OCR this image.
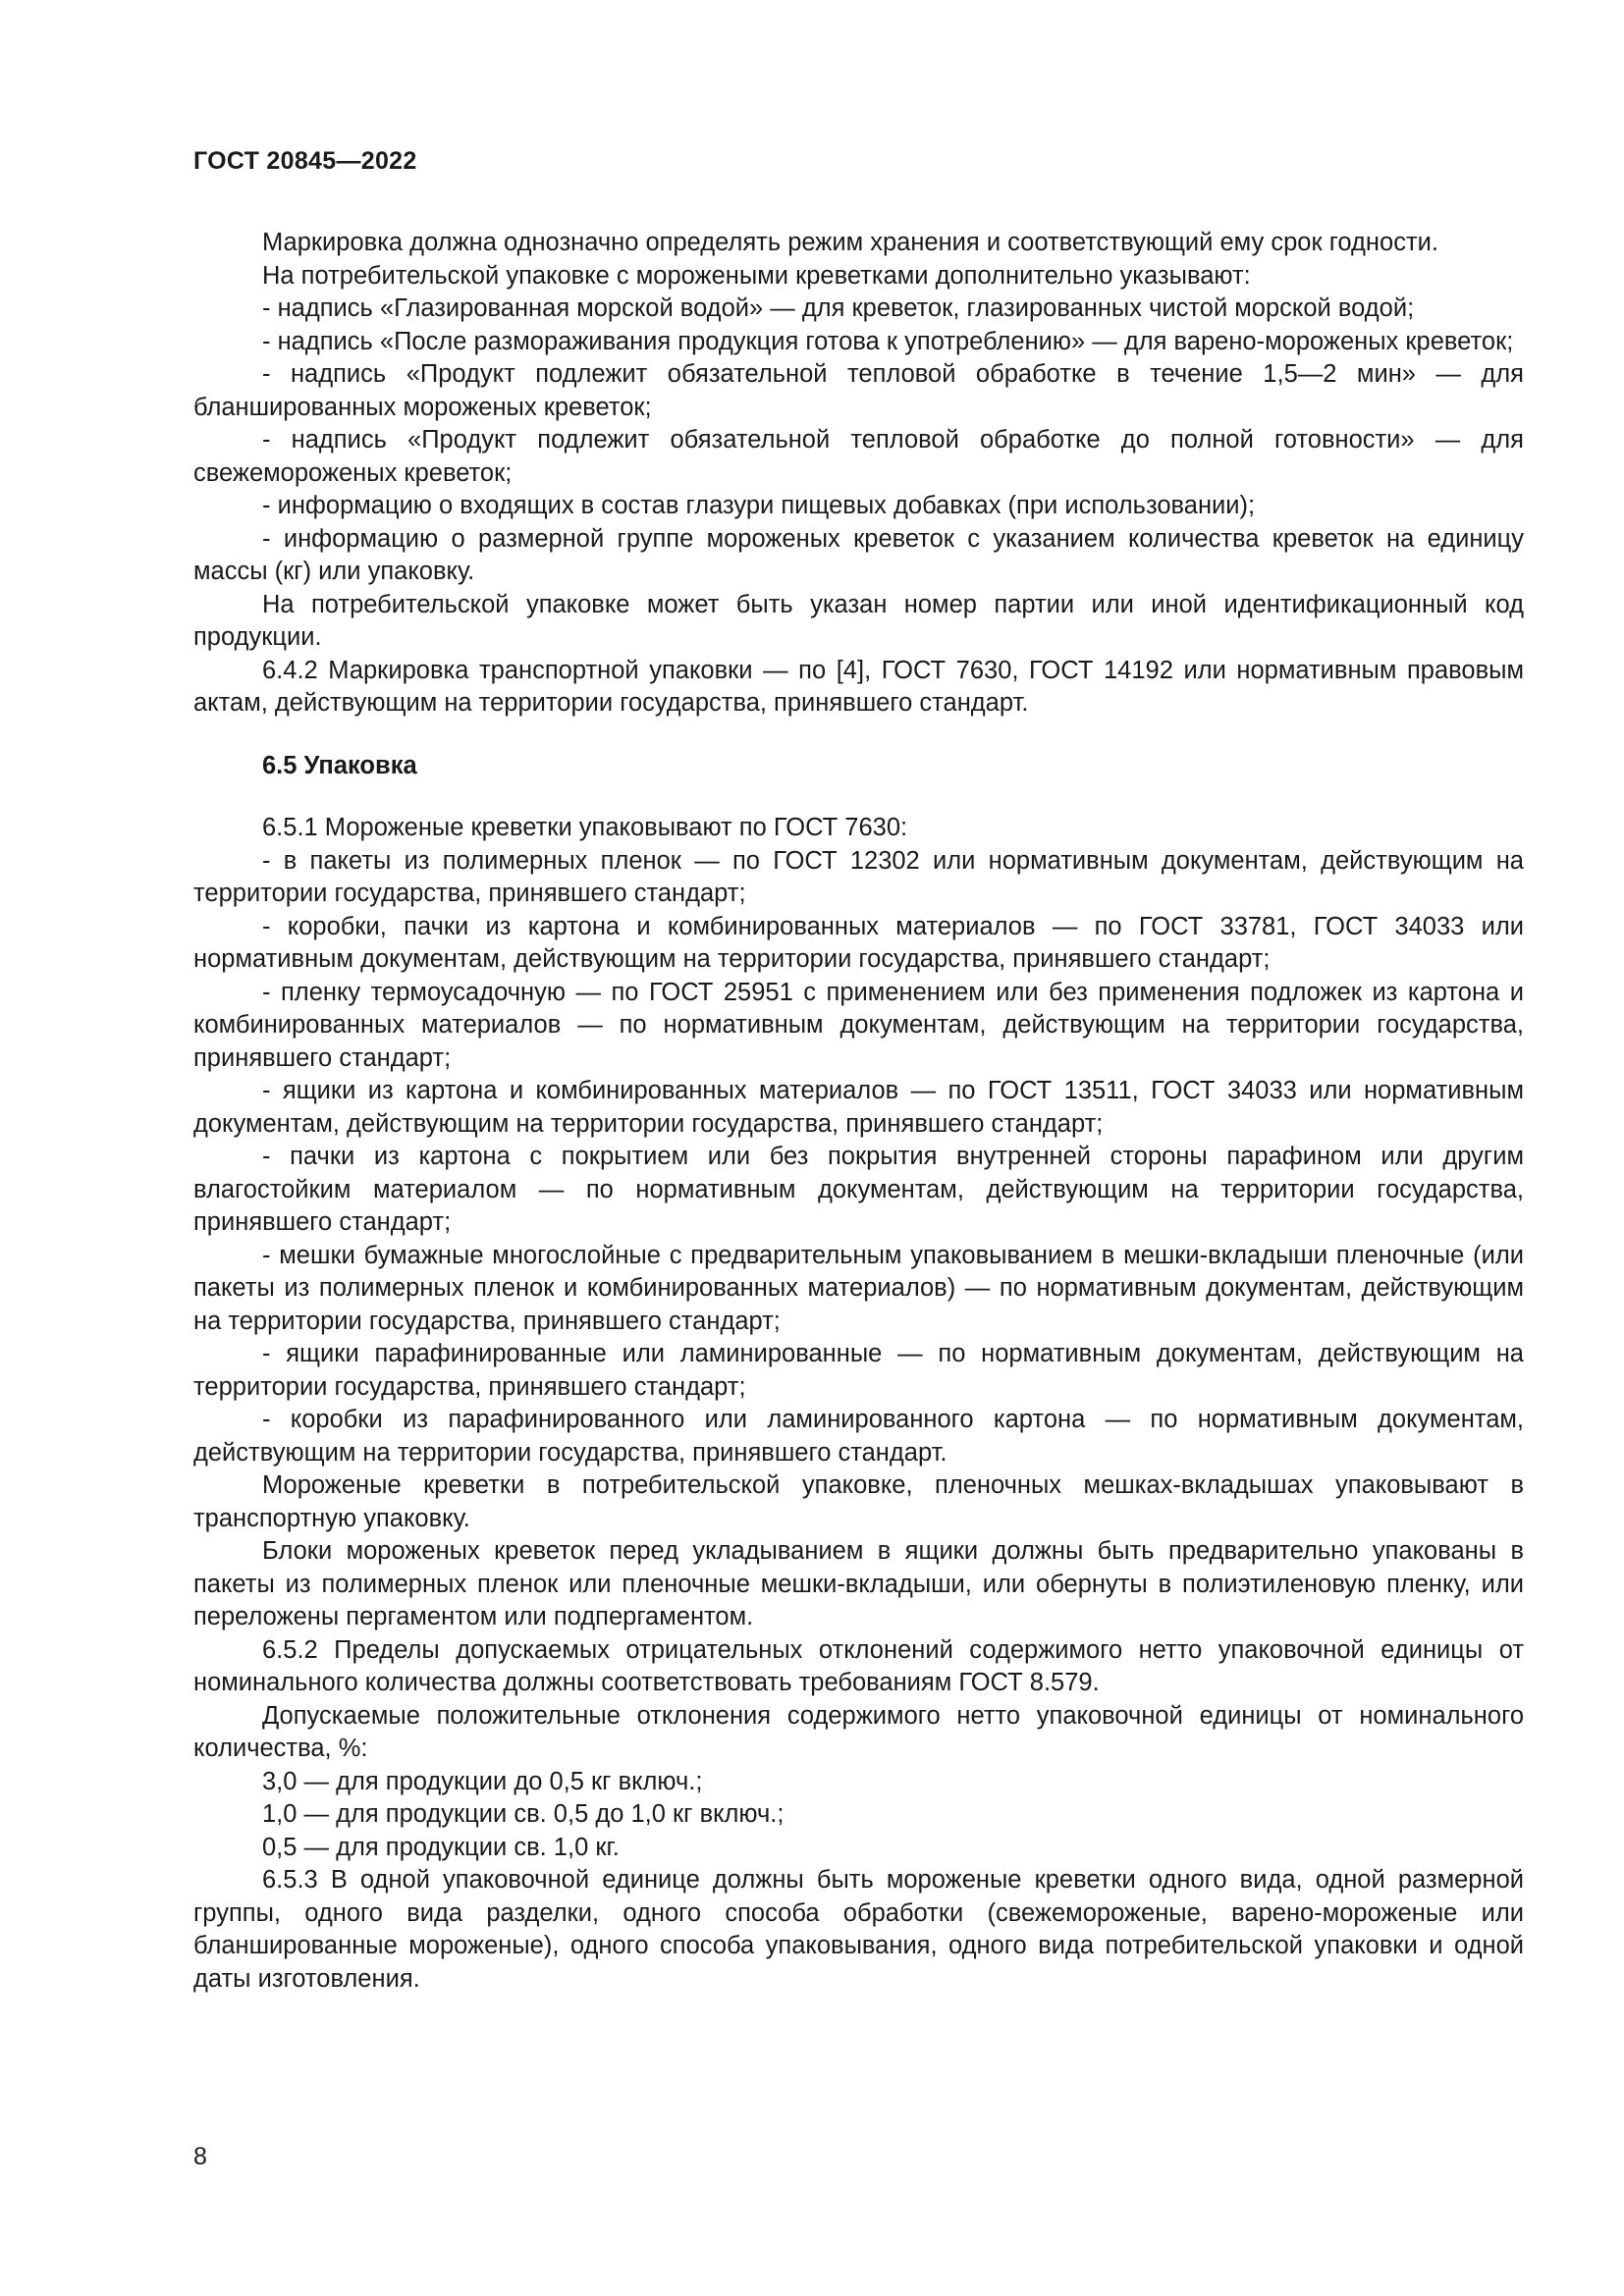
ГОСТ 20845—2022

Маркировка должна однозначно определять режим хранения и соответствующий ему срок годности.

На потребительской упаковке с морожеными креветками дополнительно указывают:

- надпись «Глазированная морской водой» — для креветок, глазированных чистой морской водой;

- надпись «После размораживания продукция готова к употреблению» — для варено-мороженых креветок;

- надпись «Продукт подлежит обязательной тепловой обработке в течение 1,5—2 мин» — для бланшированных мороженых креветок;

- надпись «Продукт подлежит обязательной тепловой обработке до полной готовности» — для свежемороженых креветок;

- информацию о входящих в состав глазури пищевых добавках (при использовании);

- информацию о размерной группе мороженых креветок с указанием количества креветок на единицу массы (кг) или упаковку.

На потребительской упаковке может быть указан номер партии или иной идентификационный код продукции.

6.4.2 Маркировка транспортной упаковки — по [4], ГОСТ 7630, ГОСТ 14192 или нормативным правовым актам, действующим на территории государства, принявшего стандарт.

6.5 Упаковка

6.5.1 Мороженые креветки упаковывают по ГОСТ 7630:

- в пакеты из полимерных пленок — по ГОСТ 12302 или нормативным документам, действующим на территории государства, принявшего стандарт;

- коробки, пачки из картона и комбинированных материалов — по ГОСТ 33781, ГОСТ 34033 или нормативным документам, действующим на территории государства, принявшего стандарт;

- пленку термоусадочную — по ГОСТ 25951 с применением или без применения подложек из картона и комбинированных материалов — по нормативным документам, действующим на территории государства, принявшего стандарт;

- ящики из картона и комбинированных материалов — по ГОСТ 13511, ГОСТ 34033 или нормативным документам, действующим на территории государства, принявшего стандарт;

- пачки из картона с покрытием или без покрытия внутренней стороны парафином или другим влагостойким материалом — по нормативным документам, действующим на территории государства, принявшего стандарт;

- мешки бумажные многослойные с предварительным упаковыванием в мешки-вкладыши пленочные (или пакеты из полимерных пленок и комбинированных материалов) — по нормативным документам, действующим на территории государства, принявшего стандарт;

- ящики парафинированные или ламинированные — по нормативным документам, действующим на территории государства, принявшего стандарт;

- коробки из парафинированного или ламинированного картона — по нормативным документам, действующим на территории государства, принявшего стандарт.

Мороженые креветки в потребительской упаковке, пленочных мешках-вкладышах упаковывают в транспортную упаковку.

Блоки мороженых креветок перед укладыванием в ящики должны быть предварительно упакованы в пакеты из полимерных пленок или пленочные мешки-вкладыши, или обернуты в полиэтиленовую пленку, или переложены пергаментом или подпергаментом.

6.5.2 Пределы допускаемых отрицательных отклонений содержимого нетто упаковочной единицы от номинального количества должны соответствовать требованиям ГОСТ 8.579.

Допускаемые положительные отклонения содержимого нетто упаковочной единицы от номинального количества, %:

3,0 — для продукции до 0,5 кг включ.;

1,0 — для продукции св. 0,5 до 1,0 кг включ.;

0,5 — для продукции св. 1,0 кг.

6.5.3 В одной упаковочной единице должны быть мороженые креветки одного вида, одной размерной группы, одного вида разделки, одного способа обработки (свежемороженые, варено-мороженые или бланшированные мороженые), одного способа упаковывания, одного вида потребительской упаковки и одной даты изготовления.

8
